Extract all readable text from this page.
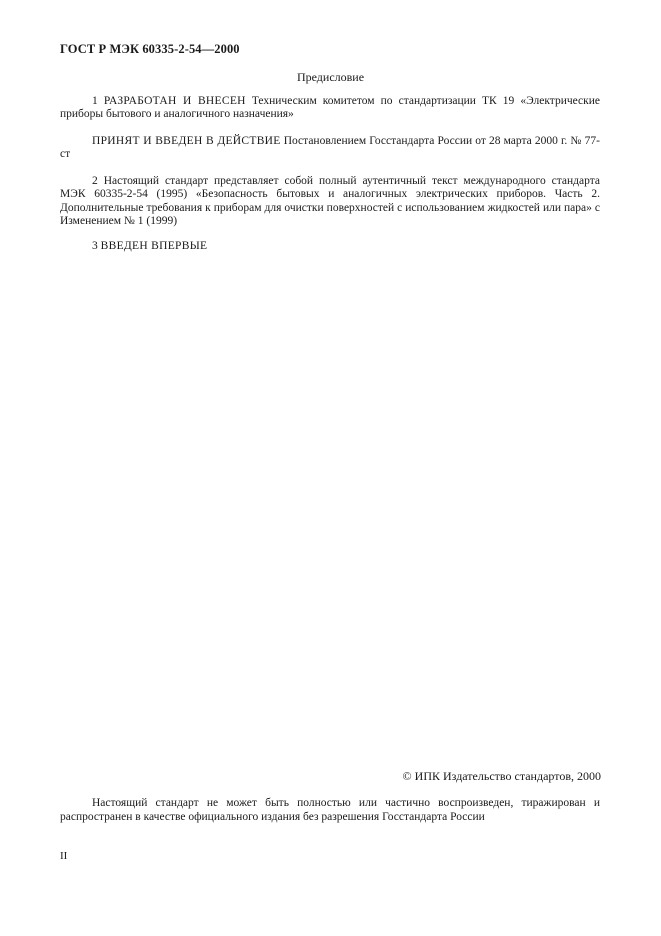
ГОСТ Р МЭК 60335-2-54—2000
Предисловие
1 РАЗРАБОТАН И ВНЕСЕН Техническим комитетом по стандартизации ТК 19 «Электрические приборы бытового и аналогичного назначения»
ПРИНЯТ И ВВЕДЕН В ДЕЙСТВИЕ Постановлением Госстандарта России от 28 марта 2000 г. № 77-ст
2 Настоящий стандарт представляет собой полный аутентичный текст международного стандарта МЭК 60335-2-54 (1995) «Безопасность бытовых и аналогичных электрических приборов. Часть 2. Дополнительные требования к приборам для очистки поверхностей с использованием жидкостей или пара» с Изменением № 1 (1999)
3 ВВЕДЕН ВПЕРВЫЕ
© ИПК Издательство стандартов, 2000
Настоящий стандарт не может быть полностью или частично воспроизведен, тиражирован и распространен в качестве официального издания без разрешения Госстандарта России
II
